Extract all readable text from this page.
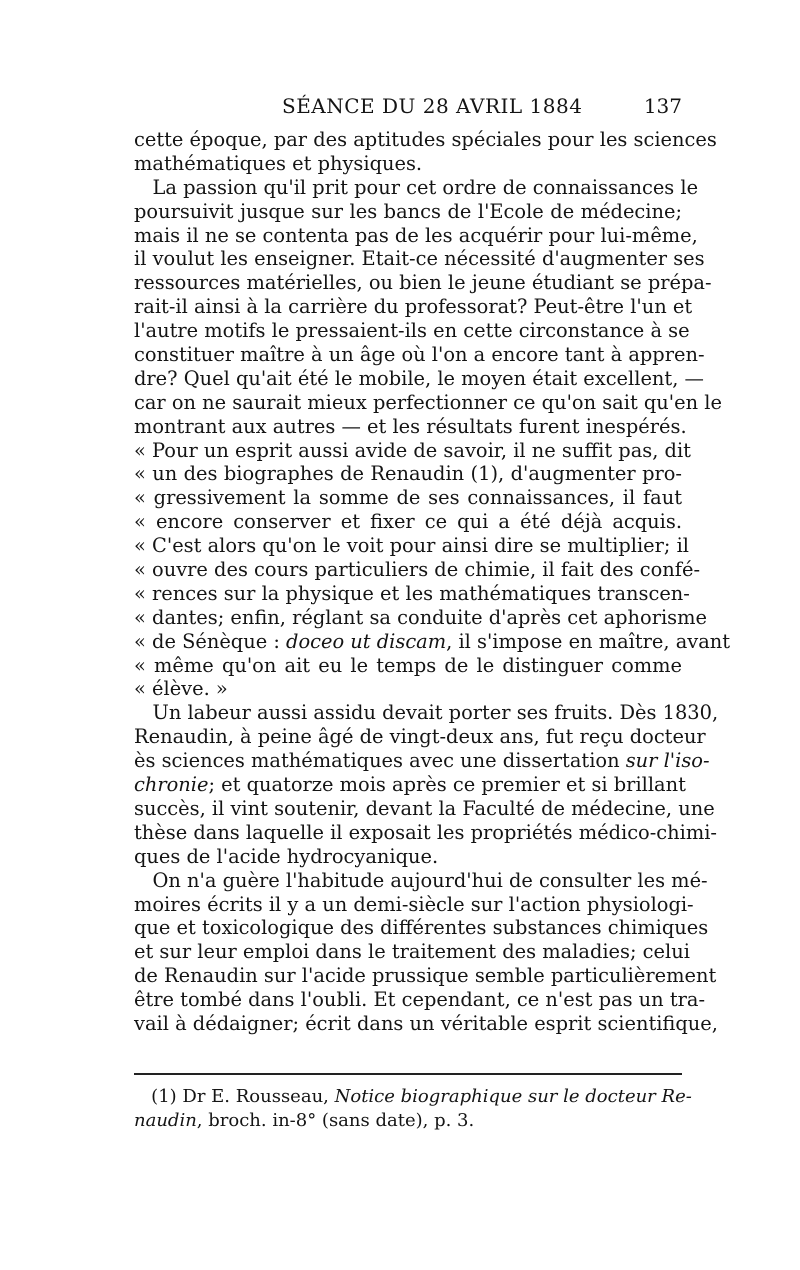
SÉANCE DU 28 AVRIL 1884	137
cette époque, par des aptitudes spéciales pour les sciences
mathématiques et physiques.
La passion qu'il prit pour cet ordre de connaissances le
poursuivit jusque sur les bancs de l'Ecole de médecine;
mais il ne se contenta pas de les acquérir pour lui-même,
il voulut les enseigner. Etait-ce nécessité d'augmenter ses
ressources matérielles, ou bien le jeune étudiant se prépa-
rait-il ainsi à la carrière du professorat? Peut-être l'un et
l'autre motifs le pressaient-ils en cette circonstance à se
constituer maître à un âge où l'on a encore tant à appren-
dre? Quel qu'ait été le mobile, le moyen était excellent, —
car on ne saurait mieux perfectionner ce qu'on sait qu'en le
montrant aux autres — et les résultats furent inespérés.
« Pour un esprit aussi avide de savoir, il ne suffit pas, dit
« un des biographes de Renaudin (1), d'augmenter pro-
« gressivement la somme de ses connaissances, il faut
« encore conserver et fixer ce qui a été déjà acquis.
« C'est alors qu'on le voit pour ainsi dire se multiplier; il
« ouvre des cours particuliers de chimie, il fait des confé-
« rences sur la physique et les mathématiques transcen-
« dantes; enfin, réglant sa conduite d'après cet aphorisme
« de Sénèque : doceo ut discam, il s'impose en maître, avant
« même qu'on ait eu le temps de le distinguer comme
« élève. »
Un labeur aussi assidu devait porter ses fruits. Dès 1830,
Renaudin, à peine âgé de vingt-deux ans, fut reçu docteur
ès sciences mathématiques avec une dissertation sur l'iso-
chronie; et quatorze mois après ce premier et si brillant
succès, il vint soutenir, devant la Faculté de médecine, une
thèse dans laquelle il exposait les propriétés médico-chimi-
ques de l'acide hydrocyanique.
On n'a guère l'habitude aujourd'hui de consulter les mé-
moires écrits il y a un demi-siècle sur l'action physiologi-
que et toxicologique des différentes substances chimiques
et sur leur emploi dans le traitement des maladies; celui
de Renaudin sur l'acide prussique semble particulièrement
être tombé dans l'oubli. Et cependant, ce n'est pas un tra-
vail à dédaigner; écrit dans un véritable esprit scientifique,
(1) Dr E. Rousseau, Notice biographique sur le docteur Re-
naudin, broch. in-8° (sans date), p. 3.
